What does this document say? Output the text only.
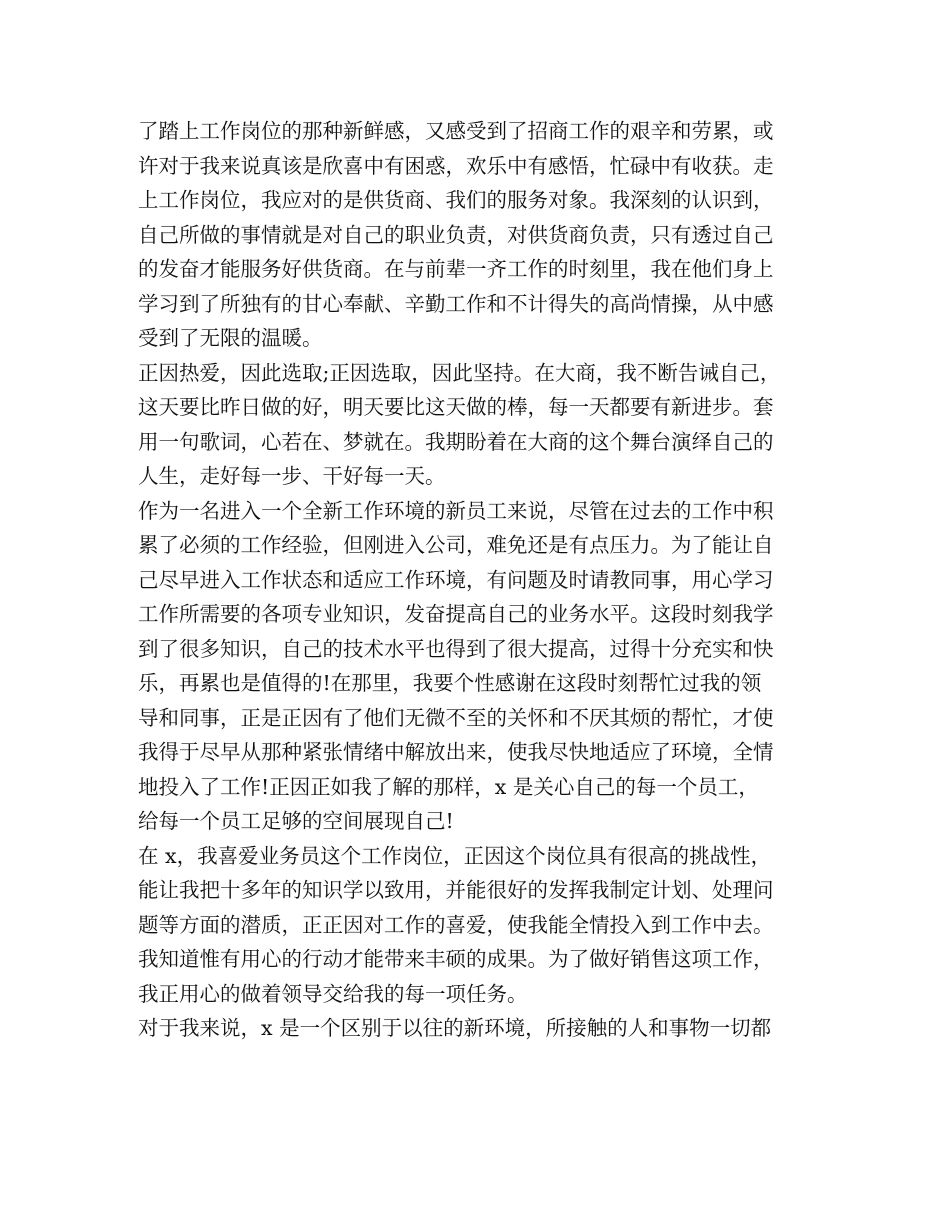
了踏上工作岗位的那种新鲜感，又感受到了招商工作的艰辛和劳累，或
许对于我来说真该是欣喜中有困惑，欢乐中有感悟，忙碌中有收获。走
上工作岗位，我应对的是供货商、我们的服务对象。我深刻的认识到，
自己所做的事情就是对自己的职业负责，对供货商负责，只有透过自己
的发奋才能服务好供货商。在与前辈一齐工作的时刻里，我在他们身上
学习到了所独有的甘心奉献、辛勤工作和不计得失的高尚情操，从中感
受到了无限的温暖。
正因热爱，因此选取;正因选取，因此坚持。在大商，我不断告诫自己，
这天要比昨日做的好，明天要比这天做的棒，每一天都要有新进步。套
用一句歌词，心若在、梦就在。我期盼着在大商的这个舞台演绎自己的
人生，走好每一步、干好每一天。
作为一名进入一个全新工作环境的新员工来说，尽管在过去的工作中积
累了必须的工作经验，但刚进入公司，难免还是有点压力。为了能让自
己尽早进入工作状态和适应工作环境，有问题及时请教同事，用心学习
工作所需要的各项专业知识，发奋提高自己的业务水平。这段时刻我学
到了很多知识，自己的技术水平也得到了很大提高，过得十分充实和快
乐，再累也是值得的!在那里，我要个性感谢在这段时刻帮忙过我的领
导和同事，正是正因有了他们无微不至的关怀和不厌其烦的帮忙，才使
我得于尽早从那种紧张情绪中解放出来，使我尽快地适应了环境，全情
地投入了工作!正因正如我了解的那样，x 是关心自己的每一个员工，
给每一个员工足够的空间展现自己!
在 x，我喜爱业务员这个工作岗位，正因这个岗位具有很高的挑战性，
能让我把十多年的知识学以致用，并能很好的发挥我制定计划、处理问
题等方面的潜质，正正因对工作的喜爱，使我能全情投入到工作中去。
我知道惟有用心的行动才能带来丰硕的成果。为了做好销售这项工作，
我正用心的做着领导交给我的每一项任务。
对于我来说，x 是一个区别于以往的新环境，所接触的人和事物一切都
